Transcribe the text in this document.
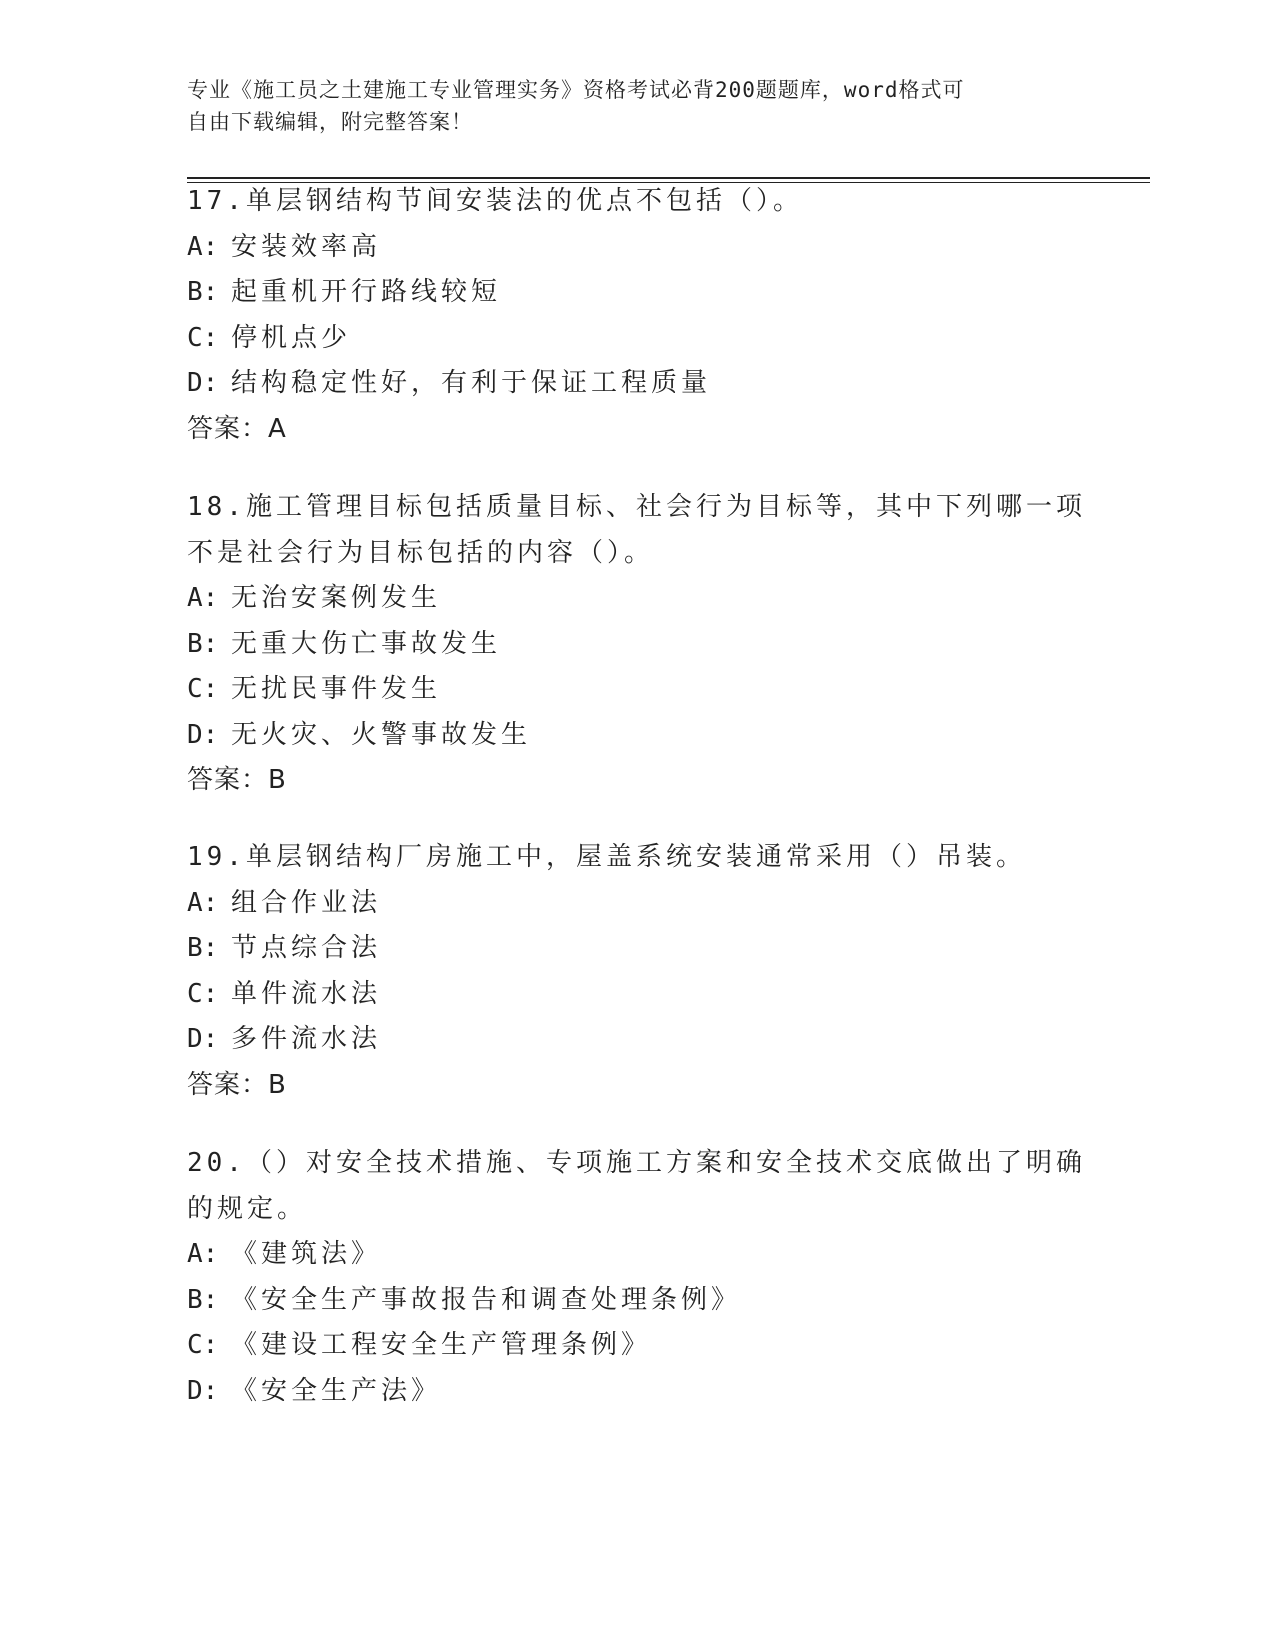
专业《施工员之土建施工专业管理实务》资格考试必背200题题库，word格式可
自由下载编辑，附完整答案！
17.单层钢结构节间安装法的优点不包括（）。
A: 安装效率高
B: 起重机开行路线较短
C: 停机点少
D: 结构稳定性好，有利于保证工程质量
答案：A
18.施工管理目标包括质量目标、社会行为目标等，其中下列哪一项不是社会行为目标包括的内容（）。
A: 无治安案例发生
B: 无重大伤亡事故发生
C: 无扰民事件发生
D: 无火灾、火警事故发生
答案：B
19.单层钢结构厂房施工中，屋盖系统安装通常采用（）吊装。
A: 组合作业法
B: 节点综合法
C: 单件流水法
D: 多件流水法
答案：B
20.（）对安全技术措施、专项施工方案和安全技术交底做出了明确的规定。
A: 《建筑法》
B: 《安全生产事故报告和调查处理条例》
C: 《建设工程安全生产管理条例》
D: 《安全生产法》
